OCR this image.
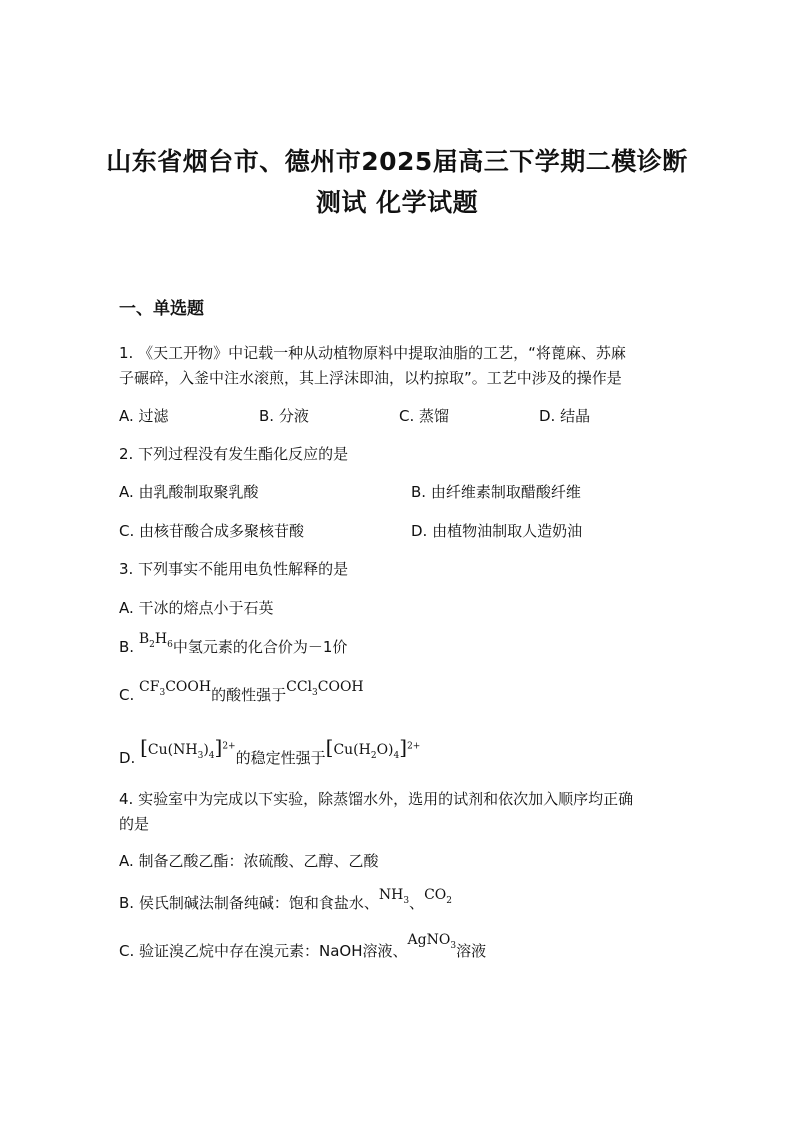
山东省烟台市、德州市2025届高三下学期二模诊断
测试 化学试题
一、单选题
1. 《天工开物》中记载一种从动植物原料中提取油脂的工艺，“将蓖麻、苏麻
子碾碎，入釜中注水滚煎，其上浮沫即油，以杓掠取”。工艺中涉及的操作是
A. 过滤	B. 分液	C. 蒸馏	D. 结晶
2. 下列过程没有发生酯化反应的是
A. 由乳酸制取聚乳酸	B. 由纤维素制取醋酸纤维
C. 由核苷酸合成多聚核苷酸	D. 由植物油制取人造奶油
3. 下列事实不能用电负性解释的是
A. 干冰的熔点小于石英
B. $B_2H_6$中氢元素的化合价为－1价
C. $CF_3COOH$的酸性强于CCl$_3$COOH
D. $[Cu(NH_3)_4]^{2+}$的稳定性强于$[Cu(H_2O)_4]^{2+}$
4. 实验室中为完成以下实验，除蒸馏水外，选用的试剂和依次加入顺序均正确
的是
A. 制备乙酸乙酯：浓硫酸、乙醇、乙酸
B. 侯氏制碱法制备纯碱：饱和食盐水、$NH_3$、$CO_2$
C. 验证溴乙烷中存在溴元素：NaOH溶液、AgNO$_3$溶液
